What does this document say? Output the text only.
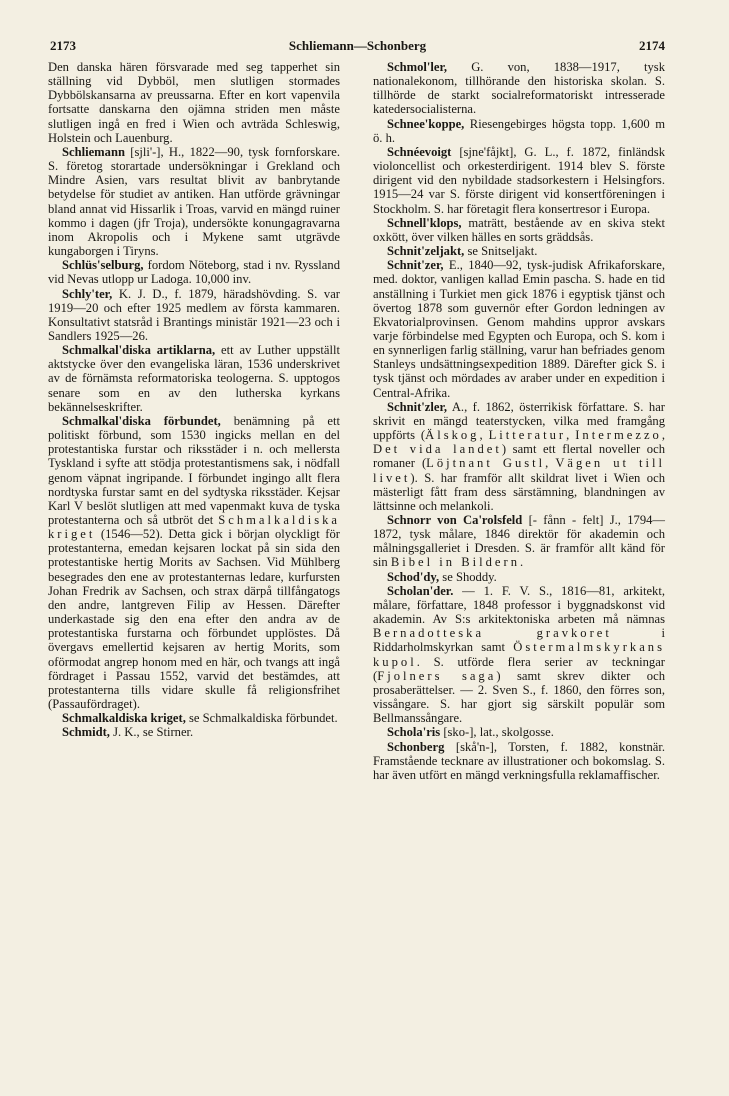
2173	Schliemann—Schonberg	2174

Den danska hären försvarade med seg tapperhet sin ställning vid Dybböl, men slutligen stormades Dybbölskansarna av preussarna. Efter en kort vapenvila fortsatte danskarna den ojämna striden men måste slutligen ingå en fred i Wien och avträda Schleswig, Holstein och Lauenburg.

Schliemann [sjli'-], H., 1822—90, tysk fornforskare. S. företog storartade undersökningar i Grekland och Mindre Asien, vars resultat blivit av banbrytande betydelse för studiet av antiken. Han utförde grävningar bland annat vid Hissarlik i Troas, varvid en mängd ruiner kommo i dagen (jfr Troja), undersökte konungagravarna inom Akropolis och i Mykene samt utgrävde kungaborgen i Tiryns.

Schlüs'selburg, fordom Nöteborg, stad i nv. Ryssland vid Nevas utlopp ur Ladoga. 10,000 inv.

Schly'ter, K. J. D., f. 1879, häradshövding. S. var 1919—20 och efter 1925 medlem av första kammaren. Konsultativt statsråd i Brantings ministär 1921—23 och i Sandlers 1925—26.

Schmalkal'diska artiklarna, ett av Luther uppställt aktstycke över den evangeliska läran, 1536 underskrivet av de förnämsta reformatoriska teologerna. S. upptogos senare som en av den lutherska kyrkans bekännelseskrifter.

Schmalkal'diska förbundet, benämning på ett politiskt förbund, som 1530 ingicks mellan en del protestantiska furstar och riksstäder i n. och mellersta Tyskland i syfte att stödja protestantismens sak, i nödfall genom väpnat ingripande. I förbundet ingingo allt flera nordtyska furstar samt en del sydtyska riksstäder. Kejsar Karl V beslöt slutligen att med vapenmakt kuva de tyska protestanterna och så utbröt det Schmalkaldiska kriget (1546—52). Detta gick i början olyckligt för protestanterna, emedan kejsaren lockat på sin sida den protestantiske hertig Morits av Sachsen. Vid Mühlberg besegrades den ene av protestanternas ledare, kurfursten Johan Fredrik av Sachsen, och strax därpå tillfångatogs den andre, lantgreven Filip av Hessen. Därefter underkastade sig den ena efter den andra av de protestantiska furstarna och förbundet upplöstes. Då övergavs emellertid kejsaren av hertig Morits, som oförmodat angrep honom med en här, och tvangs att ingå fördraget i Passau 1552, varvid det bestämdes, att protestanterna tills vidare skulle få religionsfrihet (Passaufördraget).

Schmalkaldiska kriget, se Schmalkaldiska förbundet.

Schmidt, J. K., se Stirner.

Schmol'ler, G. von, 1838—1917, tysk nationalekonom, tillhörande den historiska skolan. S. tillhörde de starkt socialreformatoriskt intresserade katedersocialisterna.

Schnee'koppe, Riesengebirges högsta topp. 1,600 m ö. h.

Schnéevoigt [sjne'fåjkt], G. L., f. 1872, finländsk violoncellist och orkesterdirigent. 1914 blev S. förste dirigent vid den nybildade stadsorkestern i Helsingfors. 1915—24 var S. förste dirigent vid konsertföreningen i Stockholm. S. har företagit flera konsertresor i Europa.

Schnell'klops, maträtt, bestående av en skiva stekt oxkött, över vilken hälles en sorts gräddsås.

Schnit'zeljakt, se Snitseljakt.

Schnit'zer, E., 1840—92, tysk-judisk Afrikaforskare, med. doktor, vanligen kallad Emin pascha. S. hade en tid anställning i Turkiet men gick 1876 i egyptisk tjänst och övertog 1878 som guvernör efter Gordon ledningen av Ekvatorialprovinsen. Genom mahdins uppror avskars varje förbindelse med Egypten och Europa, och S. kom i en synnerligen farlig ställning, varur han befriades genom Stanleys undsättningsexpedition 1889. Därefter gick S. i tysk tjänst och mördades av araber under en expedition i Central-Afrika.

Schnit'zler, A., f. 1862, österrikisk författare. S. har skrivit en mängd teaterstycken, vilka med framgång uppförts (Älskog, Litteratur, Intermezzo, Det vida landet) samt ett flertal noveller och romaner (Löjtnant Gustl, Vägen ut till livet). S. har framför allt skildrat livet i Wien och mästerligt fått fram dess särstämning, blandningen av lättsinne och melankoli.

Schnorr von Ca'rolsfeld [- fånn - felt] J., 1794—1872, tysk målare, 1846 direktör för akademin och målningsgalleriet i Dresden. S. är framför allt känd för sin Bibel in Bildern.

Schod'dy, se Shoddy.

Scholan'der. — 1. F. V. S., 1816—81, arkitekt, målare, författare, 1848 professor i byggnadskonst vid akademin. Av S:s arkitektoniska arbeten må nämnas Bernadotteska gravkoret i Riddarholmskyrkan samt Östermalmskyrkans kupol. S. utförde flera serier av teckningar (Fjolners saga) samt skrev dikter och prosaberättelser. — 2. Sven S., f. 1860, den förres son, vissångare. S. har gjort sig särskilt populär som Bellmanssångare.

Schola'ris [sko-], lat., skolgosse.

Schonberg [skå'n-], Torsten, f. 1882, konstnär. Framstående tecknare av illustrationer och bokomslag. S. har även utfört en mängd verkningsfulla reklamaffischer.
